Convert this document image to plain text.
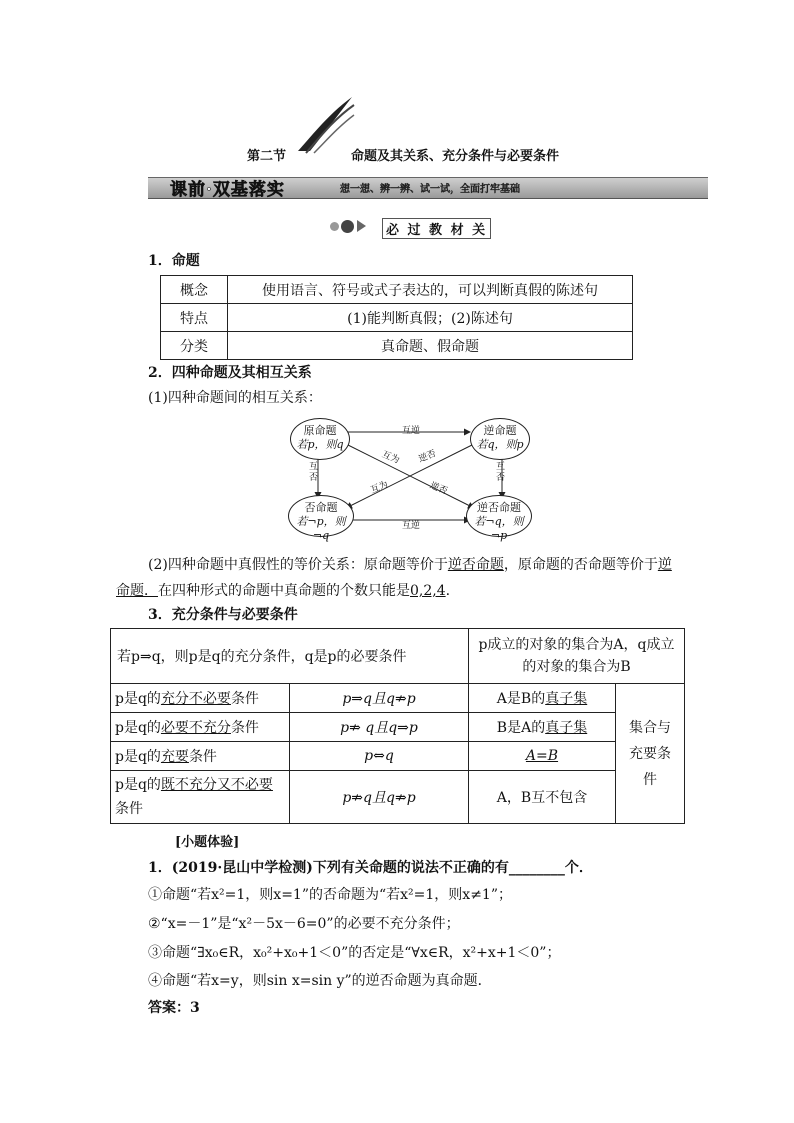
第二节	命题及其关系、充分条件与必要条件
课前·双基落实	想一想、辨一辨、试一试，全面打牢基础
必 过 教 材 关
1．命题
概念	使用语言、符号或式子表达的，可以判断真假的陈述句
特点	(1)能判断真假；(2)陈述句
分类	真命题、假命题
2．四种命题及其相互关系
(1)四种命题间的相互关系：
互逆
互逆
互否
互否
互为 逆否
互为	逆否
原命题
若p，则q
逆命题
若q，则p
否命题
若¬p，则¬q
逆否命题
若¬q，则¬p
(2)四种命题中真假性的等价关系：原命题等价于逆否命题，原命题的否命题等价于逆
命题．在四种形式的命题中真命题的个数只能是0,2,4.
3．充分条件与必要条件
若p⇒q，则p是q的充分条件，q是p的必要条件		p成立的对象的集合为A，q成立
的对象的集合为B	

p是q的充分不必要条件	p⇒q且q⇏p	A是B的真子集	集合与
充要条
件

p是q的必要不充分条件	p⇏ q且q⇒p	B是A的真子集	
p是q的充要条件	p⇔q	A=B	
p是q的既不充分又不必要条件	p⇏q且q⇏p	A，B互不包含	
[小题体验]
1．(2019·昆山中学检测)下列有关命题的说法不正确的有________个．
①命题“若x²=1，则x=1”的否命题为“若x²=1，则x≠1”；
②“x=－1”是“x²－5x－6=0”的必要不充分条件；
③命题“∃x₀∈R，x₀²+x₀+1＜0”的否定是“∀x∈R，x²+x+1＜0”；
④命题“若x=y，则sin x=sin y”的逆否命题为真命题．
答案：3
